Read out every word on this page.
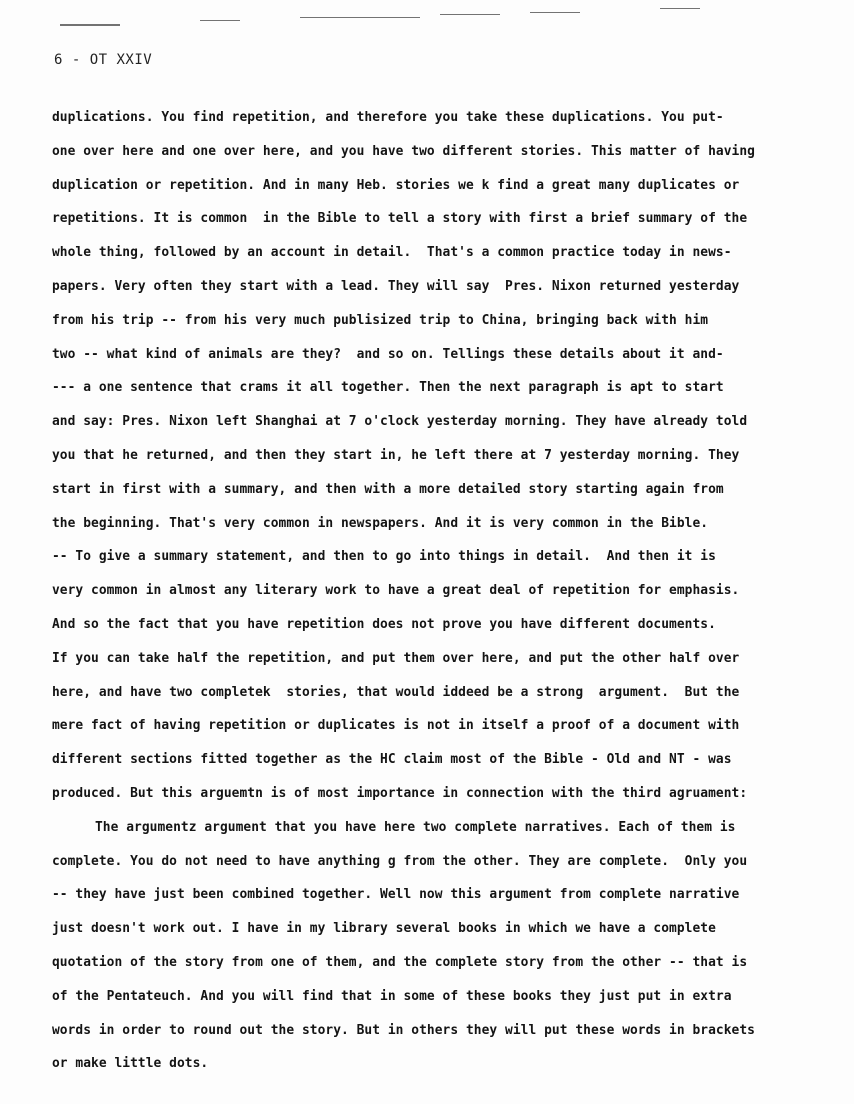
6 - OT XXIV
duplications. You find repetition, and therefore you take these duplications. You put-
one over here and one over here, and you have two different stories. This matter of having
duplication or repetition. And in many Heb. stories we k find a great many duplicates or
repetitions. It is common  in the Bible to tell a story with first a brief summary of the
whole thing, followed by an account in detail.  That's a common practice today in news-
papers. Very often they start with a lead. They will say  Pres. Nixon returned yesterday
from his trip -- from his very much publisized trip to China, bringing back with him
two -- what kind of animals are they?  and so on. Tellings these details about it and-
--- a one sentence that crams it all together. Then the next paragraph is apt to start
and say: Pres. Nixon left Shanghai at 7 o'clock yesterday morning. They have already told
you that he returned, and then they start in, he left there at 7 yesterday morning. They
start in first with a summary, and then with a more detailed story starting again from
the beginning. That's very common in newspapers. And it is very common in the Bible.
-- To give a summary statement, and then to go into things in detail.  And then it is
very common in almost any literary work to have a great deal of repetition for emphasis.
And so the fact that you have repetition does not prove you have different documents.
If you can take half the repetition, and put them over here, and put the other half over
here, and have two completek  stories, that would iddeed be a strong  argument.  But the
mere fact of having repetition or duplicates is not in itself a proof of a document with
different sections fitted together as the HC claim most of the Bible - Old and NT - was
produced. But this arguemtn is of most importance in connection with the third agruament:
The argumentz argument that you have here two complete narratives. Each of them is
complete. You do not need to have anything g from the other. They are complete.  Only you
-- they have just been combined together. Well now this argument from complete narrative
just doesn't work out. I have in my library several books in which we have a complete
quotation of the story from one of them, and the complete story from the other -- that is
of the Pentateuch. And you will find that in some of these books they just put in extra
words in order to round out the story. But in others they will put these words in brackets
or make little dots.
